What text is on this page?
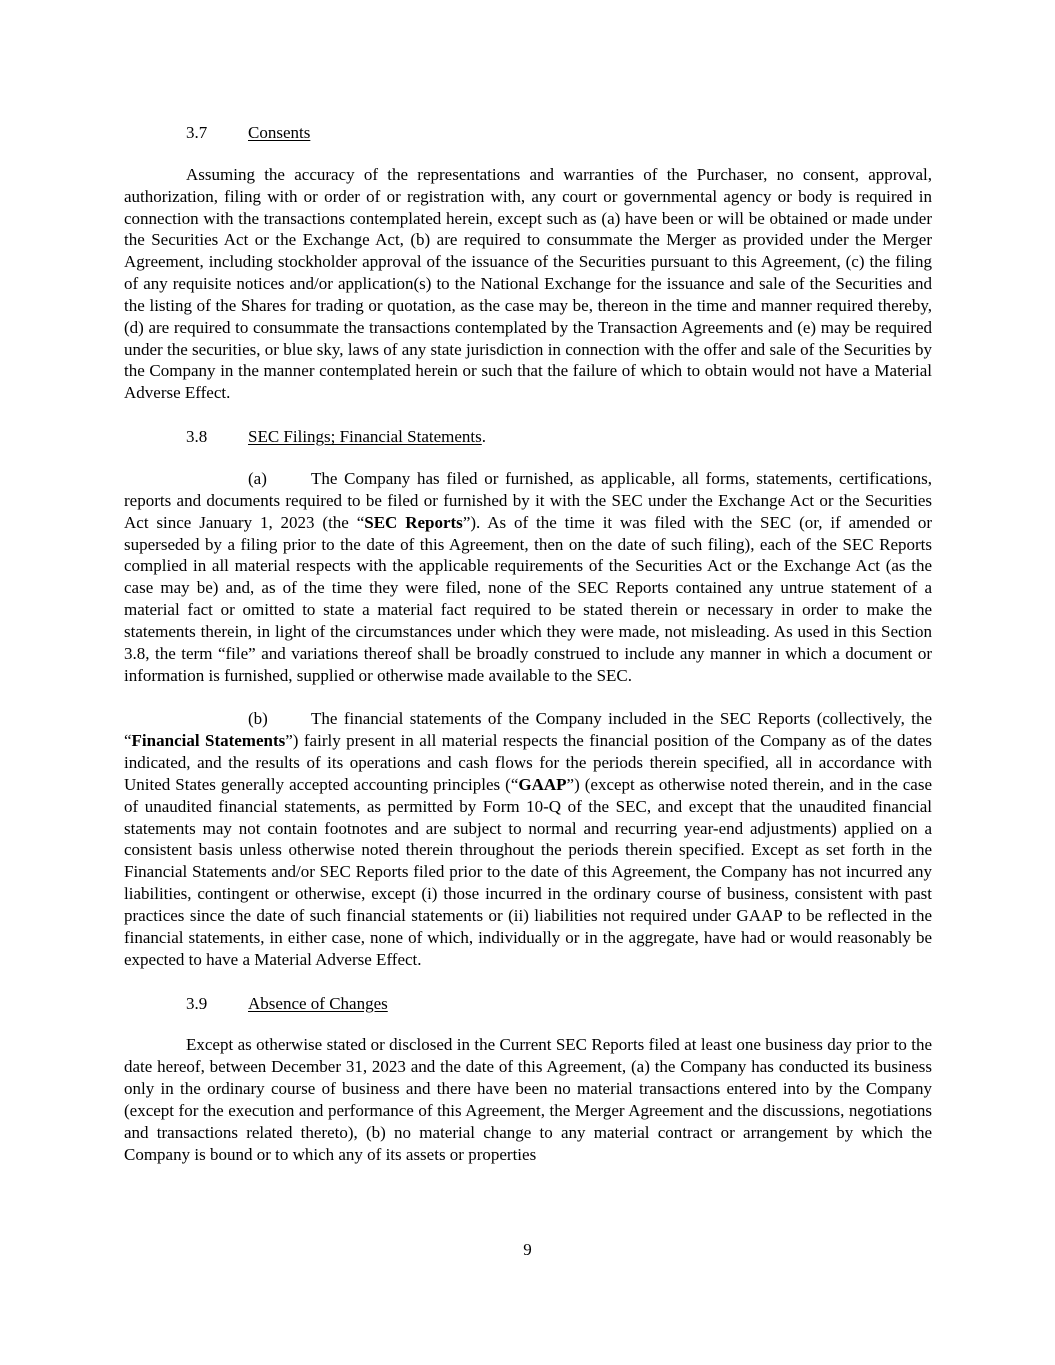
3.7 Consents

Assuming the accuracy of the representations and warranties of the Purchaser, no consent, approval, authorization, filing with or order of or registration with, any court or governmental agency or body is required in connection with the transactions contemplated herein, except such as (a) have been or will be obtained or made under the Securities Act or the Exchange Act, (b) are required to consummate the Merger as provided under the Merger Agreement, including stockholder approval of the issuance of the Securities pursuant to this Agreement, (c) the filing of any requisite notices and/or application(s) to the National Exchange for the issuance and sale of the Securities and the listing of the Shares for trading or quotation, as the case may be, thereon in the time and manner required thereby, (d) are required to consummate the transactions contemplated by the Transaction Agreements and (e) may be required under the securities, or blue sky, laws of any state jurisdiction in connection with the offer and sale of the Securities by the Company in the manner contemplated herein or such that the failure of which to obtain would not have a Material Adverse Effect.

3.8 SEC Filings; Financial Statements.

(a)	The Company has filed or furnished, as applicable, all forms, statements, certifications, reports and documents required to be filed or furnished by it with the SEC under the Exchange Act or the Securities Act since January 1, 2023 (the “SEC Reports”). As of the time it was filed with the SEC (or, if amended or superseded by a filing prior to the date of this Agreement, then on the date of such filing), each of the SEC Reports complied in all material respects with the applicable requirements of the Securities Act or the Exchange Act (as the case may be) and, as of the time they were filed, none of the SEC Reports contained any untrue statement of a material fact or omitted to state a material fact required to be stated therein or necessary in order to make the statements therein, in light of the circumstances under which they were made, not misleading. As used in this Section 3.8, the term “file” and variations thereof shall be broadly construed to include any manner in which a document or information is furnished, supplied or otherwise made available to the SEC.

(b)	The financial statements of the Company included in the SEC Reports (collectively, the “Financial Statements”) fairly present in all material respects the financial position of the Company as of the dates indicated, and the results of its operations and cash flows for the periods therein specified, all in accordance with United States generally accepted accounting principles (“GAAP”) (except as otherwise noted therein, and in the case of unaudited financial statements, as permitted by Form 10-Q of the SEC, and except that the unaudited financial statements may not contain footnotes and are subject to normal and recurring year-end adjustments) applied on a consistent basis unless otherwise noted therein throughout the periods therein specified. Except as set forth in the Financial Statements and/or SEC Reports filed prior to the date of this Agreement, the Company has not incurred any liabilities, contingent or otherwise, except (i) those incurred in the ordinary course of business, consistent with past practices since the date of such financial statements or (ii) liabilities not required under GAAP to be reflected in the financial statements, in either case, none of which, individually or in the aggregate, have had or would reasonably be expected to have a Material Adverse Effect.

3.9 Absence of Changes

Except as otherwise stated or disclosed in the Current SEC Reports filed at least one business day prior to the date hereof, between December 31, 2023 and the date of this Agreement, (a) the Company has conducted its business only in the ordinary course of business and there have been no material transactions entered into by the Company (except for the execution and performance of this Agreement, the Merger Agreement and the discussions, negotiations and transactions related thereto), (b) no material change to any material contract or arrangement by which the Company is bound or to which any of its assets or properties

9
